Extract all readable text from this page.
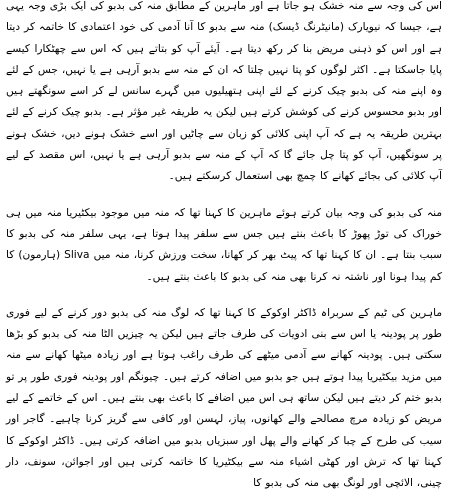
اس کی وجہ سے منہ خشک ہو جاتا ہے اور ماہرین کے مطابق منہ کی بدبو کی ایک بڑی وجہ یہی ہے، جیسا کہ نیویارک (مانیٹرنگ ڈیسک) منہ سے بدبو کا آنا آدمی کی خود اعتمادی کا خاتمہ کر دیتا ہے اور اس کو ذہنی مریض بنا کر رکھ دیتا ہے۔ آیئے آپ کو بتاتے ہیں کہ اس سے چھٹکارا کیسے پایا جاسکتا ہے۔ اکثر لوگوں کو پتا نہیں چلتا کہ ان کے منہ سے بدبو آرہی ہے یا نہیں، جس کے لئے وہ اپنے منہ کی بدبو چیک کرنے کے لئے اپنی ہتھیلیوں میں گہرے سانس لے کر اسے سونگھتے ہیں اور بدبو محسوس کرنے کی کوشش کرتے ہیں لیکن یہ طریقہ غیر مؤثر ہے۔ بدبو چیک کرنے کے لئے بہترین طریقہ یہ ہے کہ آپ اپنی کلائی کو زبان سے چاٹیں اور اسے خشک ہونے دیں، خشک ہونے پر سونگھیں، آپ کو پتا چل جائے گا کہ آپ کے منہ سے بدبو آرہی ہے یا نہیں، اس مقصد کے لیے آپ کلائی کی بجائے کھانے کا چمچ بھی استعمال کرسکتے ہیں۔

منہ کی بدبو کی وجہ بیان کرتے ہوئے ماہرین کا کہنا تھا کہ منہ میں موجود بیکٹیریا منہ میں ہی خوراک کی توڑ پھوڑ کا باعث بنتے ہیں جس سے سلفر پیدا ہوتا ہے، یہی سلفر منہ کی بدبو کا سبب بنتا ہے۔ ان کا کہنا تھا کہ پیٹ بھر کر کھانا، سخت ورزش کرنا، منہ میں Sliva (ہارمون) کا کم پیدا ہونا اور ناشتہ نہ کرنا بھی منہ کی بدبو کا باعث بنتے ہیں۔

ماہرین کی ٹیم کے سربراہ ڈاکٹر اوکوکے کا کہنا تھا کہ لوگ منہ کی بدبو دور کرنے کے لیے فوری طور پر پودینہ یا اس سے بنی ادویات کی طرف جاتے ہیں لیکن یہ چیزیں الٹا منہ کی بدبو کو بڑھا سکتی ہیں۔ پودینہ کھانے سے آدمی میٹھے کی طرف راغب ہوتا ہے اور زیادہ میٹھا کھانے سے منہ میں مزید بیکٹیریا پیدا ہوتے ہیں جو بدبو میں اضافہ کرتے ہیں۔ چیونگم اور پودینہ فوری طور پر تو بدبو ختم کر دیتے ہیں لیکن ساتھ ہی اس میں اضافے کا باعث بھی بنتے ہیں۔ اس کے خاتمے کے لیے مریض کو زیادہ مرچ مصالحے والے کھانوں، پیاز، لہسن اور کافی سے گریز کرنا چاہیے۔ گاجر اور سیب کی طرح کے چبا کر کھانے والے پھل اور سبزیاں بدبو میں اضافہ کرتی ہیں۔ ڈاکٹر اوکوکے کا کہنا تھا کہ ترش اور کھٹی اشیاء منہ سے بیکٹیریا کا خاتمہ کرتی ہیں اور اجوائن، سونف، دار چینی، الائچی اور لونگ بھی منہ کی بدبو کا
